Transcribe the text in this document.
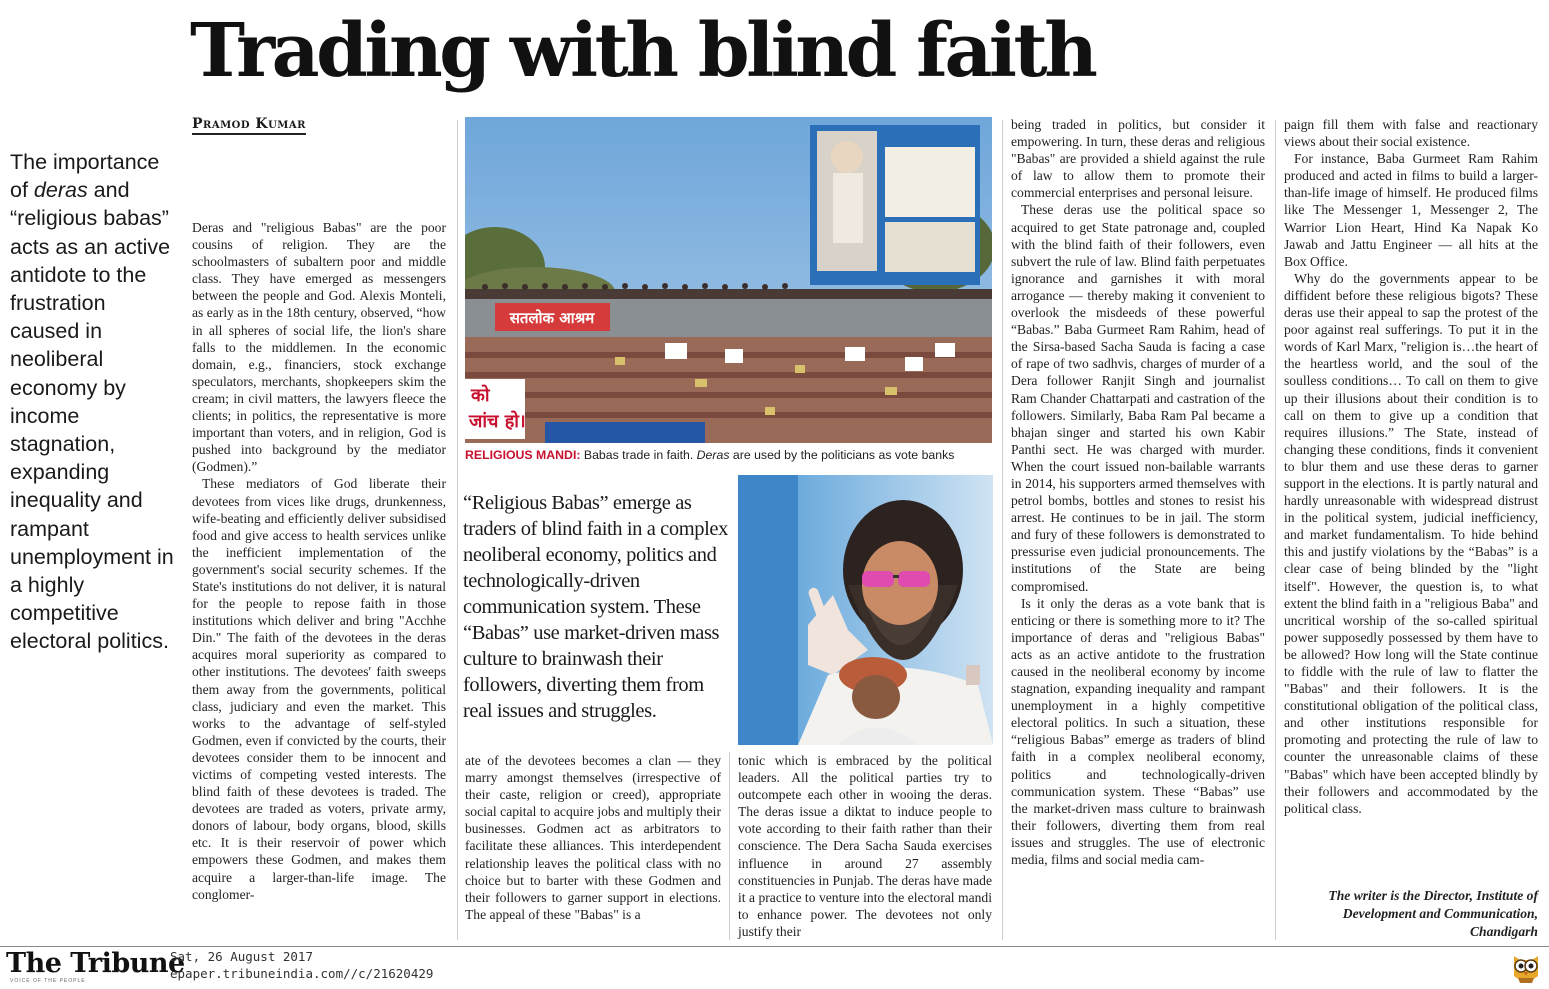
Trading with blind faith
Pramod Kumar
The importance of deras and “religious babas” acts as an active antidote to the frustration caused in neoliberal economy by income stagnation, expanding inequality and rampant unemployment in a highly competitive electoral politics.

Deras and "religious Babas" are the poor cousins of religion. They are the schoolmasters of subaltern poor and middle class. They have emerged as messengers between the people and God. Alexis Monteli, as early as in the 18th century, observed, “how in all spheres of social life, the lion's share falls to the middlemen. In the economic domain, e.g., financiers, stock exchange speculators, merchants, shopkeepers skim the cream; in civil matters, the lawyers fleece the clients; in politics, the representative is more important than voters, and in religion, God is pushed into background by the mediator (Godmen).”

These mediators of God liberate their devotees from vices like drugs, drunkenness, wife-beating and efficiently deliver subsidised food and give access to health services unlike the inefficient implementation of the government's social security schemes. If the State's institutions do not deliver, it is natural for the people to repose faith in those institutions which deliver and bring "Acchhe Din." The faith of the devotees in the deras acquires moral superiority as compared to other institutions. The devotees' faith sweeps them away from the governments, political class, judiciary and even the market. This works to the advantage of self-styled Godmen, even if convicted by the courts, their devotees consider them to be innocent and victims of competing vested interests. The blind faith of these devotees is traded. The devotees are traded as voters, private army, donors of labour, body organs, blood, skills etc. It is their reservoir of power which empowers these Godmen, and makes them acquire a larger-than-life image. The conglomer-

सतलोक आश्रम
को
जांच हो।
RELIGIOUS MANDI: Babas trade in faith. Deras are used by the politicians as vote banks
“Religious Babas” emerge as traders of blind faith in a complex neoliberal economy, politics and technologically-driven communication system. These “Babas” use market-driven mass culture to brainwash their followers, diverting them from real issues and struggles.

ate of the devotees becomes a clan — they marry amongst themselves (irrespective of their caste, religion or creed), appropriate social capital to acquire jobs and multiply their businesses. Godmen act as arbitrators to facilitate these alliances. This interdependent relationship leaves the political class with no choice but to barter with these Godmen and their followers to garner support in elections. The appeal of these "Babas" is a

tonic which is embraced by the political leaders. All the political parties try to outcompete each other in wooing the deras. The deras issue a diktat to induce people to vote according to their faith rather than their conscience. The Dera Sacha Sauda exercises influence in around 27 assembly constituencies in Punjab. The deras have made it a practice to venture into the electoral mandi to enhance power. The devotees not only justify their

being traded in politics, but consider it empowering. In turn, these deras and religious "Babas" are provided a shield against the rule of law to allow them to promote their commercial enterprises and personal leisure.

These deras use the political space so acquired to get State patronage and, coupled with the blind faith of their followers, even subvert the rule of law. Blind faith perpetuates ignorance and garnishes it with moral arrogance — thereby making it convenient to overlook the misdeeds of these powerful “Babas.” Baba Gurmeet Ram Rahim, head of the Sirsa-based Sacha Sauda is facing a case of rape of two sadhvis, charges of murder of a Dera follower Ranjit Singh and journalist Ram Chander Chattarpati and castration of the followers. Similarly, Baba Ram Pal became a bhajan singer and started his own Kabir Panthi sect. He was charged with murder. When the court issued non-bailable warrants in 2014, his supporters armed themselves with petrol bombs, bottles and stones to resist his arrest. He continues to be in jail. The storm and fury of these followers is demonstrated to pressurise even judicial pronouncements. The institutions of the State are being compromised.

Is it only the deras as a vote bank that is enticing or there is something more to it? The importance of deras and "religious Babas" acts as an active antidote to the frustration caused in the neoliberal economy by income stagnation, expanding inequality and rampant unemployment in a highly competitive electoral politics. In such a situation, these “religious Babas” emerge as traders of blind faith in a complex neoliberal economy, politics and technologically-driven communication system. These “Babas” use the market-driven mass culture to brainwash their followers, diverting them from real issues and struggles. The use of electronic media, films and social media cam-

paign fill them with false and reactionary views about their social existence.

For instance, Baba Gurmeet Ram Rahim produced and acted in films to build a larger-than-life image of himself. He produced films like The Messenger 1, Messenger 2, The Warrior Lion Heart, Hind Ka Napak Ko Jawab and Jattu Engineer — all hits at the Box Office.

Why do the governments appear to be diffident before these religious bigots? These deras use their appeal to sap the protest of the poor against real sufferings. To put it in the words of Karl Marx, "religion is…the heart of the heartless world, and the soul of the soulless conditions… To call on them to give up their illusions about their condition is to call on them to give up a condition that requires illusions.” The State, instead of changing these conditions, finds it convenient to blur them and use these deras to garner support in the elections. It is partly natural and hardly unreasonable with widespread distrust in the political system, judicial inefficiency, and market fundamentalism. To hide behind this and justify violations by the “Babas” is a clear case of being blinded by the "light itself". However, the question is, to what extent the blind faith in a "religious Baba" and uncritical worship of the so-called spiritual power supposedly possessed by them have to be allowed? How long will the State continue to fiddle with the rule of law to flatter the "Babas" and their followers. It is the constitutional obligation of the political class, and other institutions responsible for promoting and protecting the rule of law to counter the unreasonable claims of these "Babas" which have been accepted blindly by their followers and accommodated by the political class.

The writer is the Director, Institute of Development and Communication, Chandigarh
The Tribune
VOICE OF THE PEOPLE
Sat, 26 August 2017
epaper.tribuneindia.com//c/21620429
